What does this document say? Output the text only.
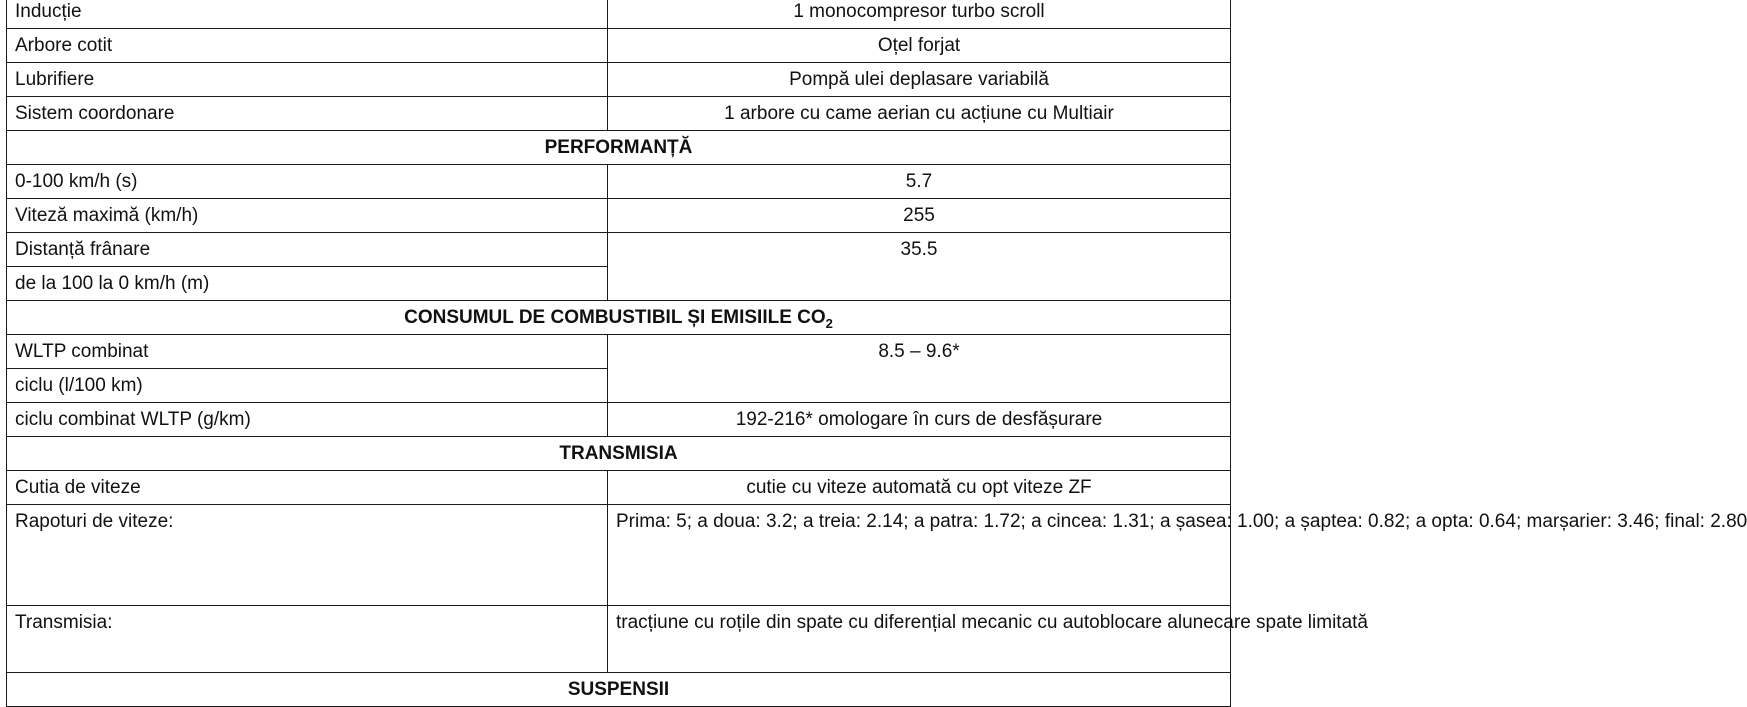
Inducție	1 monocompresor turbo scroll
Arbore cotit	Oțel forjat
Lubrifiere	Pompă ulei deplasare variabilă
Sistem coordonare	1 arbore cu came aerian cu acțiune cu Multiair
PERFORMANȚĂ	
0-100 km/h (s)	5.7
Viteză maximă (km/h)	255
Distanță frânare	35.5
de la 100 la 0 km/h (m)	
CONSUMUL DE COMBUSTIBIL ȘI EMISIILE $CO_2$
WLTP combinat	8.5 – 9.6*
ciclu (l/100 km)	
ciclu combinat WLTP (g/km)	192-216* omologare în curs de desfășurare
TRANSMISIA	
Cutia de viteze	cutie cu viteze automată cu opt viteze ZF
Rapoturi de viteze:	Prima: 5; a doua: 3.2; a treia: 2.14; a patra: 1.72; a cincea: 1.31; a șasea: 1.00; a șaptea: 0.82; a opta: 0.64; marșarier: 3.46; final: 2.80
Transmisia:	tracțiune cu roțile din spate cu diferențial mecanic cu autoblocare alunecare spate limitată
SUSPENSII	
